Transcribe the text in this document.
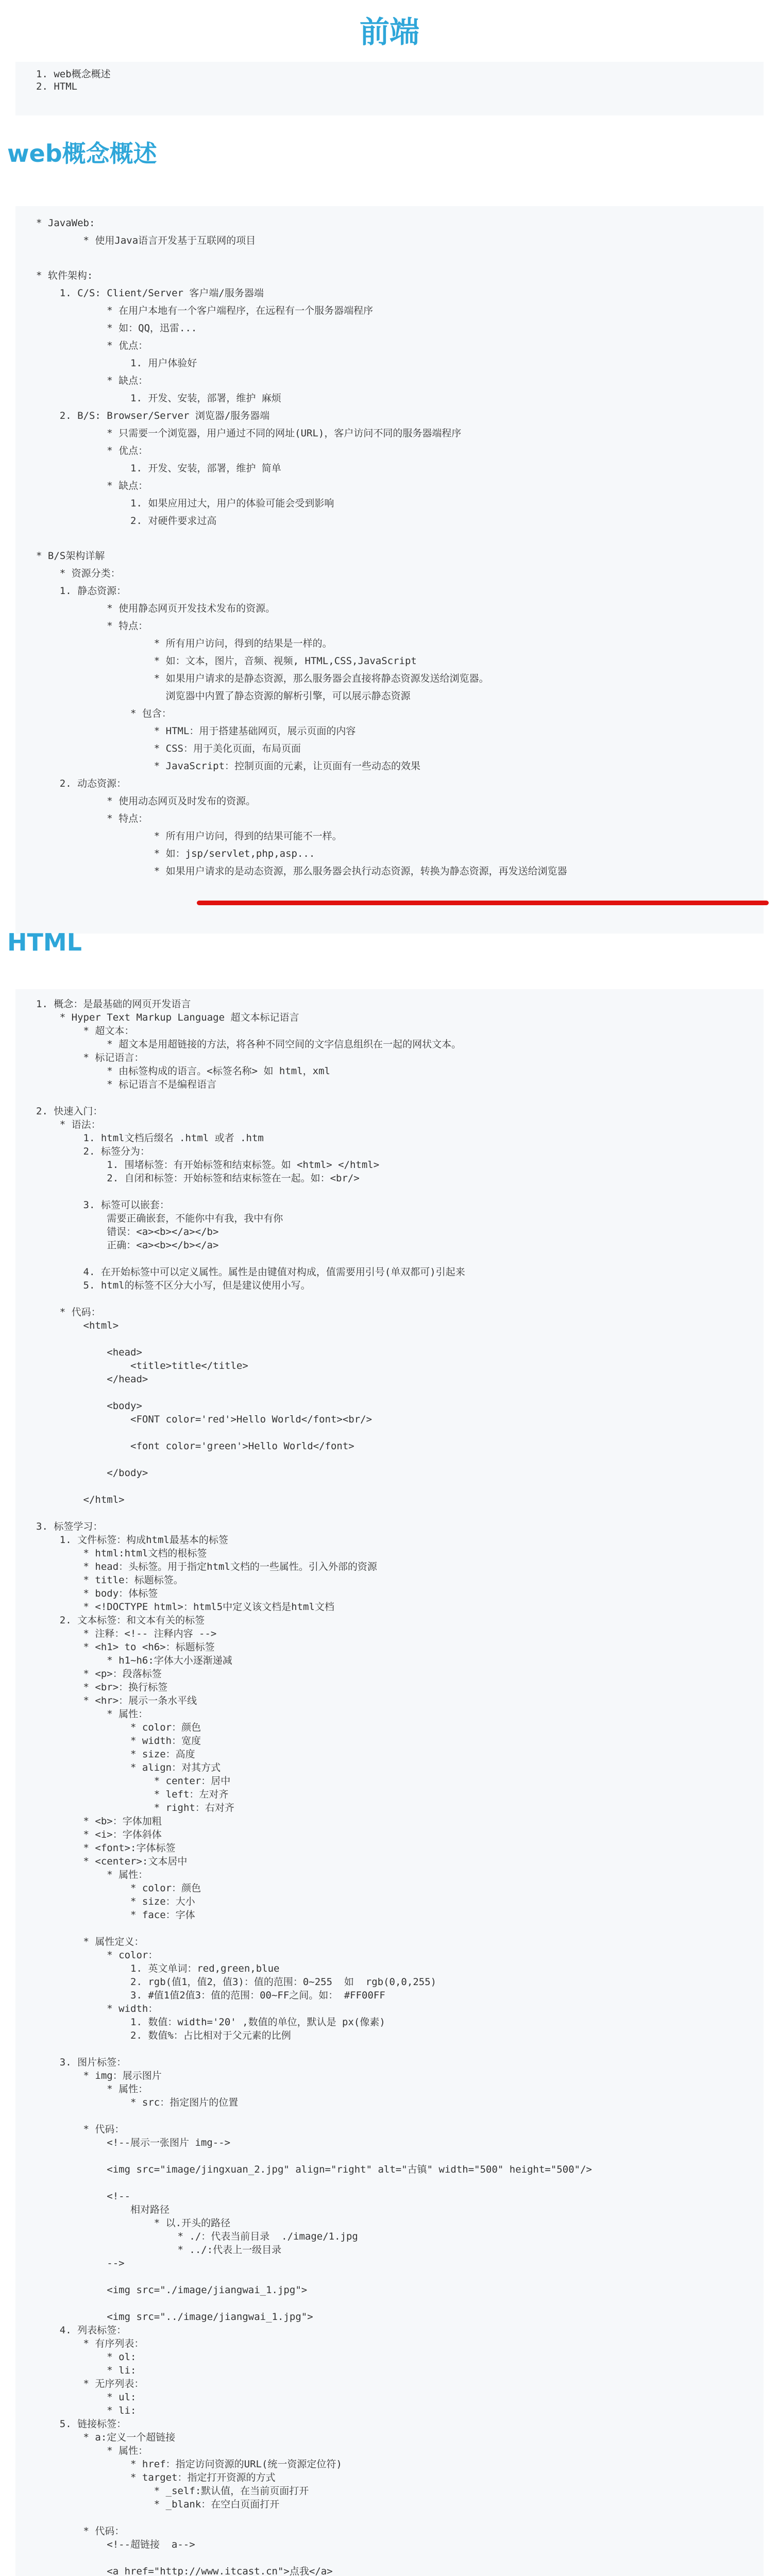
前端
1. web概念概述
2. HTML
web概念概述
* JavaWeb:
* 使用Java语言开发基于互联网的项目

* 软件架构:
1. C/S: Client/Server 客户端/服务器端
* 在用户本地有一个客户端程序，在远程有一个服务器端程序
* 如：QQ，迅雷...
* 优点：
1. 用户体验好
* 缺点：
1. 开发、安装，部署，维护 麻烦
2. B/S: Browser/Server 浏览器/服务器端
* 只需要一个浏览器，用户通过不同的网址(URL)，客户访问不同的服务器端程序
* 优点：
1. 开发、安装，部署，维护 简单
* 缺点：
1. 如果应用过大，用户的体验可能会受到影响
2. 对硬件要求过高

* B/S架构详解
* 资源分类：
1. 静态资源：
* 使用静态网页开发技术发布的资源。
* 特点：
* 所有用户访问，得到的结果是一样的。
* 如：文本，图片，音频、视频, HTML,CSS,JavaScript
* 如果用户请求的是静态资源，那么服务器会直接将静态资源发送给浏览器。
浏览器中内置了静态资源的解析引擎，可以展示静态资源
* 包含：
* HTML：用于搭建基础网页，展示页面的内容
* CSS：用于美化页面，布局页面
* JavaScript：控制页面的元素，让页面有一些动态的效果
2. 动态资源：
* 使用动态网页及时发布的资源。
* 特点：
* 所有用户访问，得到的结果可能不一样。
* 如：jsp/servlet,php,asp...
* 如果用户请求的是动态资源，那么服务器会执行动态资源，转换为静态资源，再发送给浏览器
HTML
1. 概念：是最基础的网页开发语言
* Hyper Text Markup Language 超文本标记语言
* 超文本：
* 超文本是用超链接的方法，将各种不同空间的文字信息组织在一起的网状文本。
* 标记语言：
* 由标签构成的语言。<标签名称> 如 html，xml
* 标记语言不是编程语言

2. 快速入门：
* 语法：
1. html文档后缀名 .html 或者 .htm
2. 标签分为：
1. 围堵标签：有开始标签和结束标签。如 <html> </html>
2. 自闭和标签：开始标签和结束标签在一起。如：<br/>

3. 标签可以嵌套：
需要正确嵌套，不能你中有我，我中有你
错误：<a><b></a></b>
正确：<a><b></b></a>

4. 在开始标签中可以定义属性。属性是由键值对构成，值需要用引号(单双都可)引起来
5. html的标签不区分大小写，但是建议使用小写。

* 代码：
<html>

<head>
<title>title</title>
</head>

<body>
<FONT color='red'>Hello World</font><br/>

<font color='green'>Hello World</font>

</body>

</html>

3. 标签学习：
1. 文件标签：构成html最基本的标签
* html:html文档的根标签
* head：头标签。用于指定html文档的一些属性。引入外部的资源
* title：标题标签。
* body：体标签
* <!DOCTYPE html>：html5中定义该文档是html文档
2. 文本标签：和文本有关的标签
* 注释：<!-- 注释内容 -->
* <h1> to <h6>：标题标签
* h1~h6:字体大小逐渐递减
* <p>：段落标签
* <br>：换行标签
* <hr>：展示一条水平线
* 属性：
* color：颜色
* width：宽度
* size：高度
* align：对其方式
* center：居中
* left：左对齐
* right：右对齐
* <b>：字体加粗
* <i>：字体斜体
* <font>:字体标签
* <center>:文本居中
* 属性：
* color：颜色
* size：大小
* face：字体

* 属性定义：
* color：
1. 英文单词：red,green,blue
2. rgb(值1，值2，值3)：值的范围：0~255  如  rgb(0,0,255)
3. #值1值2值3：值的范围：00~FF之间。如： #FF00FF
* width：
1. 数值：width='20' ,数值的单位，默认是 px(像素)
2. 数值%：占比相对于父元素的比例

3. 图片标签：
* img：展示图片
* 属性：
* src：指定图片的位置

* 代码：
<!--展示一张图片 img-->

<img src="image/jingxuan_2.jpg" align="right" alt="古镇" width="500" height="500"/>

<!--
相对路径
* 以.开头的路径
* ./：代表当前目录  ./image/1.jpg
* ../:代表上一级目录
-->

<img src="./image/jiangwai_1.jpg">

<img src="../image/jiangwai_1.jpg">
4. 列表标签：
* 有序列表：
* ol:
* li:
* 无序列表：
* ul:
* li:
5. 链接标签：
* a:定义一个超链接
* 属性：
* href：指定访问资源的URL(统一资源定位符)
* target：指定打开资源的方式
* _self:默认值，在当前页面打开
* _blank：在空白页面打开

* 代码：
<!--超链接  a-->

<a href="http://www.itcast.cn">点我</a>
